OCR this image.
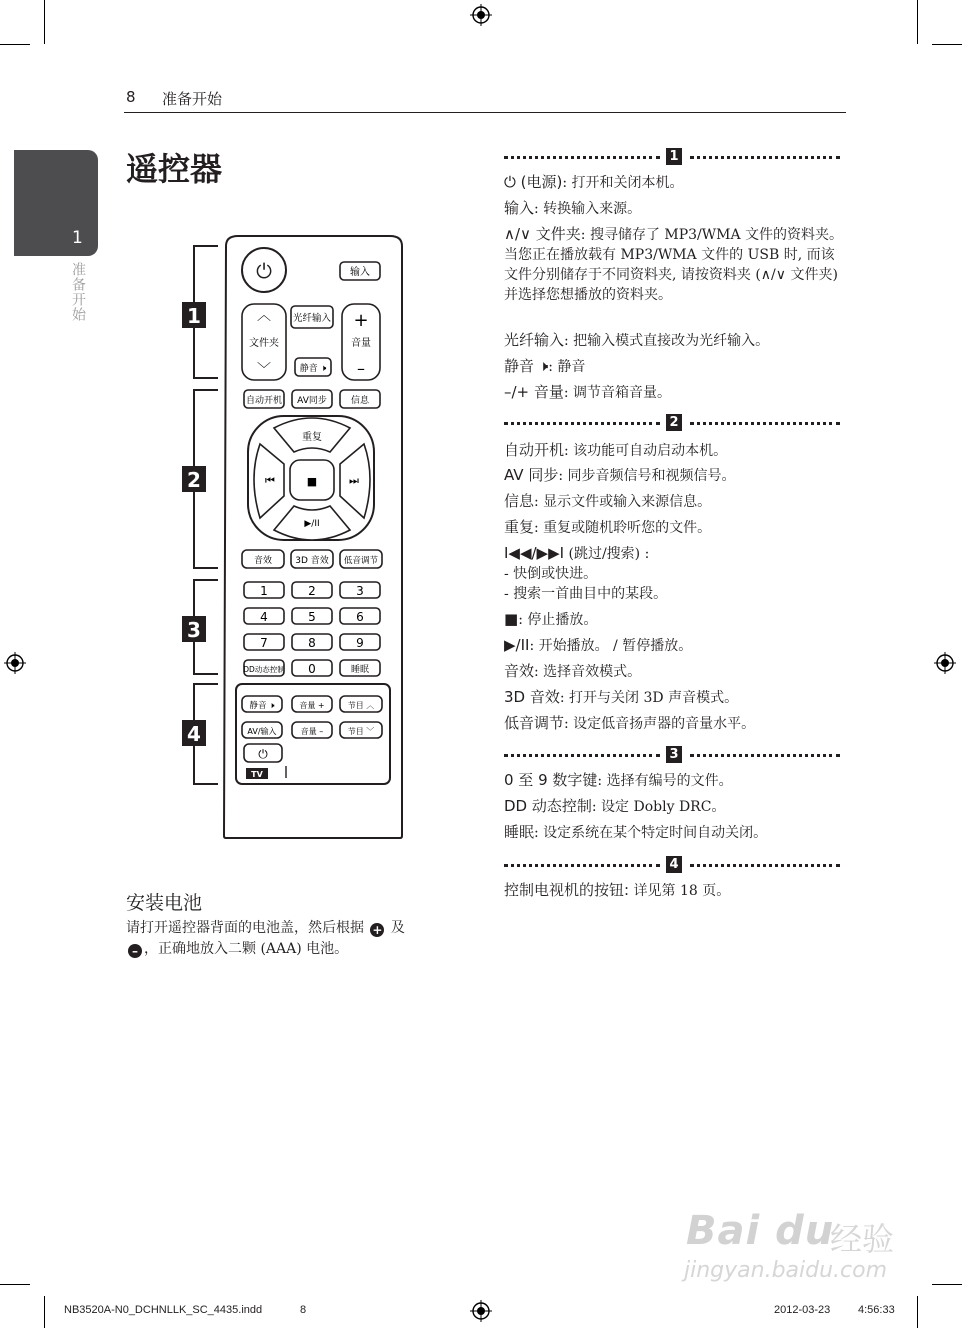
8 准备开始
1
准备开始
遥控器
1
2
3
4
⏻	输入
︿
文件夹
﹀
光纤输入
静音 🕨
+
音量
–
自动开机 AV同步	信息
重复
⏮	⏭
■
▶/II
音效	3D 音效 低音调节
1	2	3
4	5	6
7	8	9
DD动态控制 0	睡眠
静音 🕨	音量 +	节目 ︿
AV/输入	音量 –	节目 ﹀
⏻
TV
安装电池
请打开遥控器背面的电池盖，然后根据 + 及
– ，正确地放入二颗 (AAA) 电池。
1
⏻ (电源): 打开和关闭本机。
输入: 转换输入来源。
∧/∨ 文件夹: 搜寻储存了 MP3/WMA 文件的资料夹。 当您正在播放载有 MP3/WMA 文件的 USB 时, 而该文件分别储存于不同资料夹, 请按资料夹 (∧/∨ 文件夹) 并选择您想播放的资料夹。
光纤输入: 把输入模式直接改为光纤输入。
静音 🕨: 静音
–/+ 音量: 调节音箱音量。
2
自动开机: 该功能可自动启动本机。
AV 同步: 同步音频信号和视频信号。
信息: 显示文件或输入来源信息。
重复: 重复或随机聆听您的文件。
I◀◀/▶▶I (跳过/搜索) :
- 快倒或快进。
- 搜索一首曲目中的某段。
■: 停止播放。
▶/II: 开始播放。 / 暂停播放。
音效: 选择音效模式。
3D 音效: 打开与关闭 3D 声音模式。
低音调节: 设定低音扬声器的音量水平。
3
0 至 9 数字键: 选择有编号的文件。
DD 动态控制: 设定 Dobly DRC。
睡眠: 设定系统在某个特定时间自动关闭。
4
控制电视机的按钮: 详见第 18 页。
Bai du
经验
jingyan.baidu.com
NB3520A-N0_DCHNLLK_SC_4435.indd	8	2012-03-23	4:56:33
